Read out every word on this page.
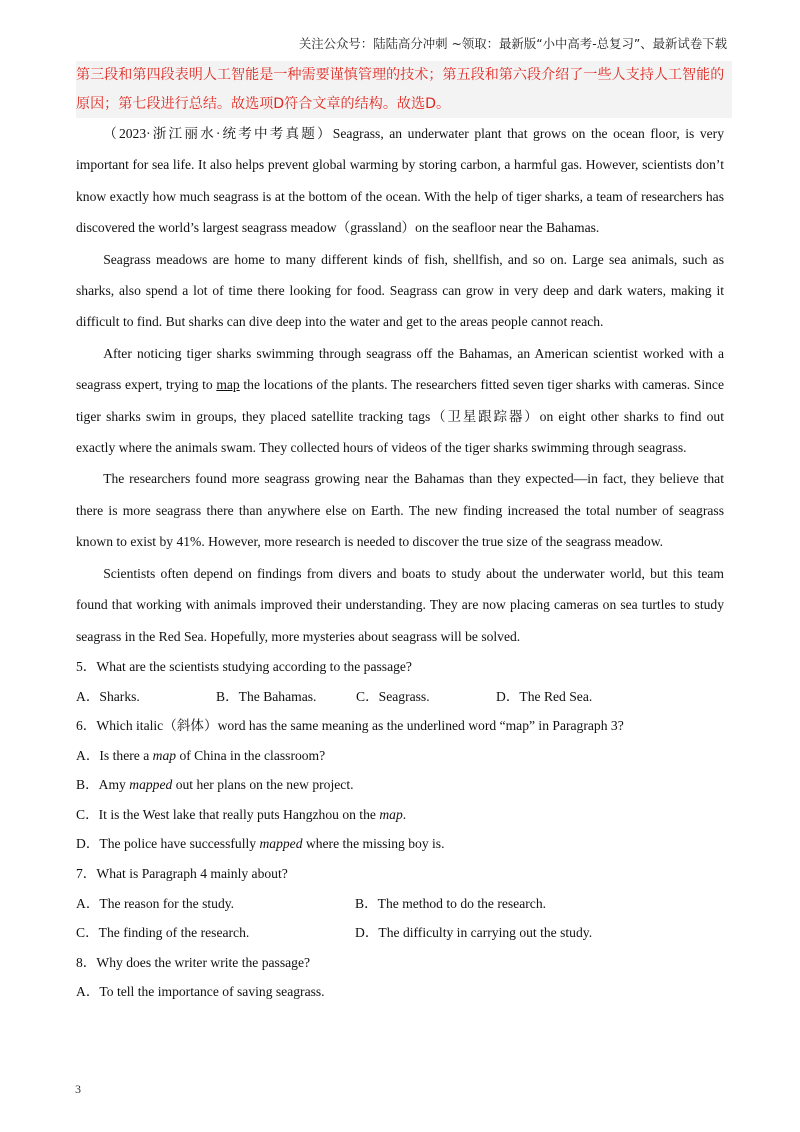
关注公众号：陆陆高分冲刺 ~领取：最新版“小中高考-总复习”、最新试卷下载
第三段和第四段表明人工智能是一种需要谨慎管理的技术；第五段和第六段介绍了一些人支持人工智能的原因；第七段进行总结。故选项D符合文章的结构。故选D。

（2023·浙江丽水·统考中考真题）Seagrass, an underwater plant that grows on the ocean floor, is very important for sea life. It also helps prevent global warming by storing carbon, a harmful gas. However, scientists don’t know exactly how much seagrass is at the bottom of the ocean. With the help of tiger sharks, a team of researchers has discovered the world’s largest seagrass meadow（grassland）on the seafloor near the Bahamas.

Seagrass meadows are home to many different kinds of fish, shellfish, and so on. Large sea animals, such as sharks, also spend a lot of time there looking for food. Seagrass can grow in very deep and dark waters, making it difficult to find. But sharks can dive deep into the water and get to the areas people cannot reach.

After noticing tiger sharks swimming through seagrass off the Bahamas, an American scientist worked with a seagrass expert, trying to map the locations of the plants. The researchers fitted seven tiger sharks with cameras. Since tiger sharks swim in groups, they placed satellite tracking tags（卫星跟踪器）on eight other sharks to find out exactly where the animals swam. They collected hours of videos of the tiger sharks swimming through seagrass.

The researchers found more seagrass growing near the Bahamas than they expected—in fact, they believe that there is more seagrass there than anywhere else on Earth. The new finding increased the total number of seagrass known to exist by 41%. However, more research is needed to discover the true size of the seagrass meadow.

Scientists often depend on findings from divers and boats to study about the underwater world, but this team found that working with animals improved their understanding. They are now placing cameras on sea turtles to study seagrass in the Red Sea. Hopefully, more mysteries about seagrass will be solved.

5．What are the scientists studying according to the passage?
A．Sharks.	B．The Bahamas.	C．Seagrass.	D．The Red Sea.
6．Which italic（斜体）word has the same meaning as the underlined word “map” in Paragraph 3?
A．Is there a map of China in the classroom?
B．Amy mapped out her plans on the new project.
C．It is the West lake that really puts Hangzhou on the map.
D．The police have successfully mapped where the missing boy is.
7．What is Paragraph 4 mainly about?
A．The reason for the study.	B．The method to do the research.
C．The finding of the research.	D．The difficulty in carrying out the study.
8．Why does the writer write the passage?
A．To tell the importance of saving seagrass.
3
